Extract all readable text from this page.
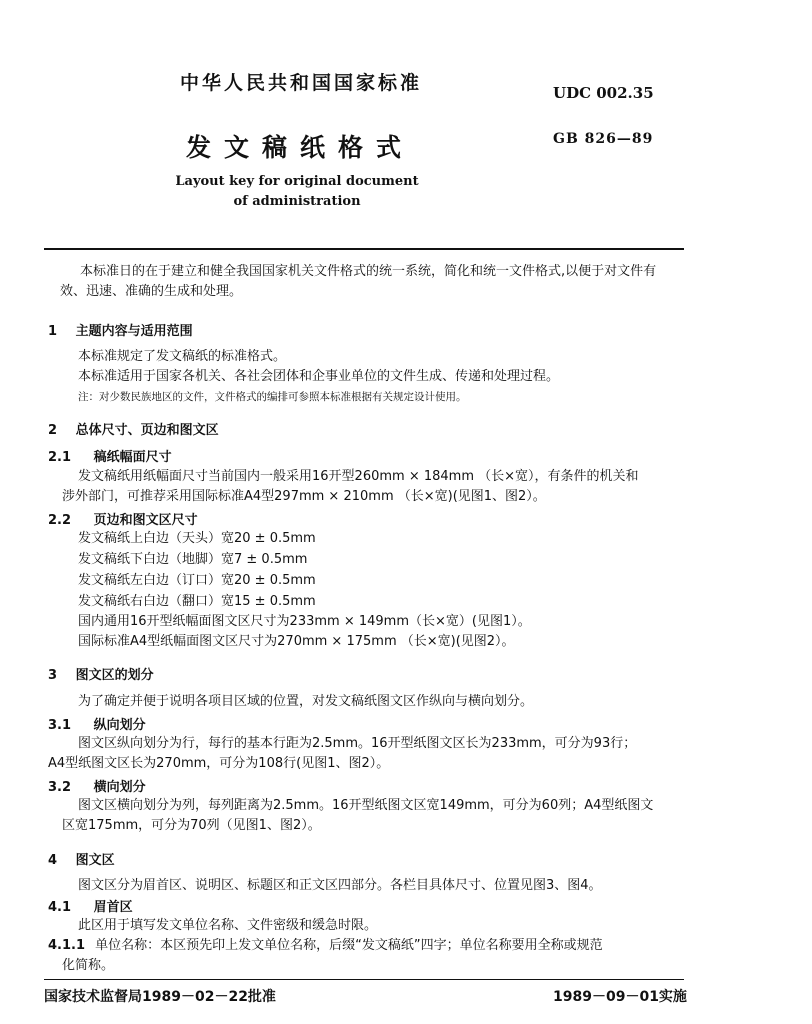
中华人民共和国国家标准	UDC 002.35
发文稿纸格式	GB 826—89
Layout key for original document
of administration
本标准日的在于建立和健全我国国家机关文件格式的统一系统，简化和统一文件格式,以便于对文件有效、迅速、准确的生成和处理。
1 主题内容与适用范围
本标准规定了发文稿纸的标准格式。
本标准适用于国家各机关、各社会团体和企事业单位的文件生成、传递和处理过程。
注：对少数民族地区的文件，文件格式的编排可参照本标准根据有关规定设计使用。
2 总体尺寸、页边和图文区
2.1 稿纸幅面尺寸
发文稿纸用纸幅面尺寸当前国内一般采用16开型260mm × 184mm （长×宽），有条件的机关和
涉外部门，可推荐采用国际标准A4型297mm × 210mm （长×宽)(见图1、图2）。
2.2 页边和图文区尺寸
发文稿纸上白边（天头）宽20 ± 0.5mm
发文稿纸下白边（地脚）宽7 ± 0.5mm
发文稿纸左白边（订口）宽20 ± 0.5mm
发文稿纸右白边（翻口）宽15 ± 0.5mm
国内通用16开型纸幅面图文区尺寸为233mm × 149mm（长×宽）(见图1）。
国际标准A4型纸幅面图文区尺寸为270mm × 175mm （长×宽)(见图2）。
3 图文区的划分
为了确定并便于说明各项目区域的位置，对发文稿纸图文区作纵向与横向划分。
3.1 纵向划分
图文区纵向划分为行，每行的基本行距为2.5mm。16开型纸图文区长为233mm，可分为93行；
A4型纸图文区长为270mm，可分为108行(见图1、图2）。
3.2 横向划分
图文区横向划分为列，每列距离为2.5mm。16开型纸图文区宽149mm，可分为60列；A4型纸图文
区宽175mm，可分为70列（见图1、图2）。
4 图文区
图文区分为眉首区、说明区、标题区和正文区四部分。各栏目具体尺寸、位置见图3、图4。
4.1 眉首区
此区用于填写发文单位名称、文件密级和缓急时限。
4.1.1 单位名称：本区预先印上发文单位名称，后缀“发文稿纸”四字；单位名称要用全称或规范
化简称。
国家技术监督局1989－02－22批准	1989－09－01实施
